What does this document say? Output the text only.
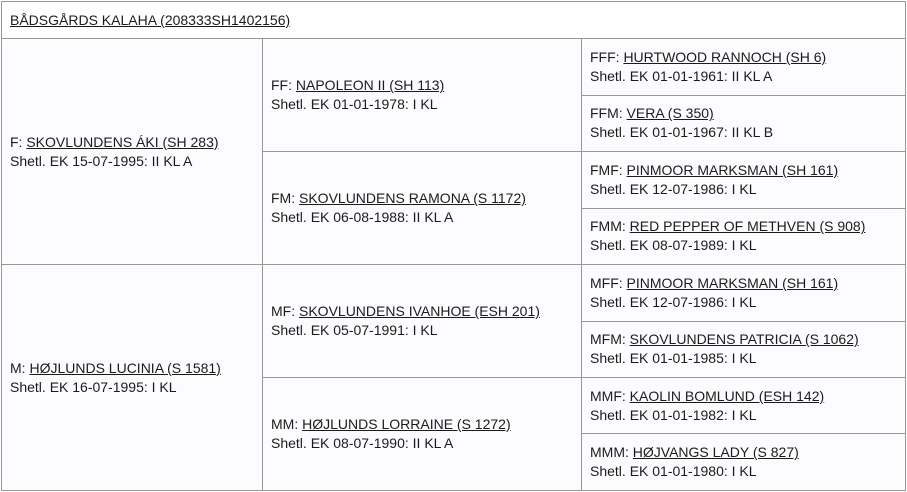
BÅDSGÅRDS KALAHA (208333SH1402156)		

F: SKOVLUNDENS ÁKI (SH 283)
Shetl. EK 15-07-1995: II KL A

FF: NAPOLEON II (SH 113)
Shetl. EK 01-01-1978: I KL

FFF: HURTWOOD RANNOCH (SH 6)
Shetl. EK 01-01-1961: II KL A

		FFM: VERA (S 350)
Shetl. EK 01-01-1967: II KL B

FM: SKOVLUNDENS RAMONA (S 1172)
Shetl. EK 06-08-1988: II KL A

FMF: PINMOOR MARKSMAN (SH 161)
Shetl. EK 12-07-1986: I KL

		FMM: RED PEPPER OF METHVEN (S 908)
Shetl. EK 08-07-1989: I KL

M: HØJLUNDS LUCINIA (S 1581)
Shetl. EK 16-07-1995: I KL

MF: SKOVLUNDENS IVANHOE (ESH 201)
Shetl. EK 05-07-1991: I KL

MFF: PINMOOR MARKSMAN (SH 161)
Shetl. EK 12-07-1986: I KL

		MFM: SKOVLUNDENS PATRICIA (S 1062)
Shetl. EK 01-01-1985: I KL

MM: HØJLUNDS LORRAINE (S 1272)
Shetl. EK 08-07-1990: II KL A

MMF: KAOLIN BOMLUND (ESH 142)
Shetl. EK 01-01-1982: I KL

		MMM: HØJVANGS LADY (S 827)
Shetl. EK 01-01-1980: I KL
